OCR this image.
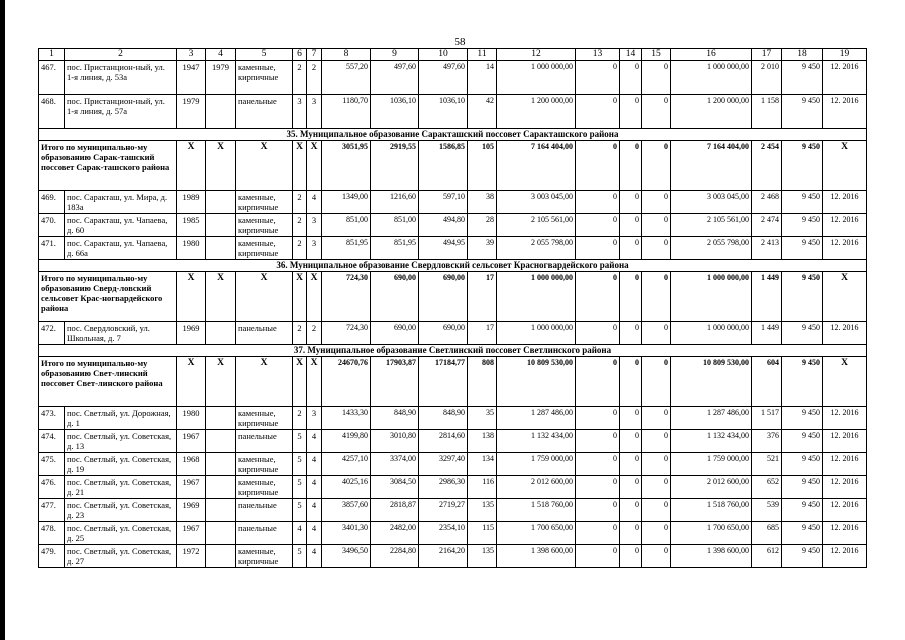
58
1	2	3	4	5	6	7	8	9	10	11	12	13	14	15	16	17	18	19
467.	пос. Пристанцион-ный, ул. 1-я линия, д. 53а	1947	1979	каменные, кирпичные	2	2	557,20	497,60	497,60	14	1 000 000,00	0	0	0	1 000 000,00	2 010	9 450	12. 2016
468.	пос. Пристанцион-ный, ул. 1-я линия, д. 57а	1979		панельные	3	3	1180,70	1036,10	1036,10	42	1 200 000,00	0	0	0	1 200 000,00	1 158	9 450	12. 2016
35. Муниципальное образование Саракташский поссовет Саракташского района																		
Итого по муниципально-му образованию Сарак-ташский поссовет Сарак-ташского района		X	X	X	X	X	3051,95	2919,55	1586,85	105	7 164 404,00	0	0	0	7 164 404,00	2 454	9 450	X
469.	пос. Саракташ, ул. Мира, д. 183а	1989		каменные, кирпичные	2	4	1349,00	1216,60	597,10	38	3 003 045,00	0	0	0	3 003 045,00	2 468	9 450	12. 2016
470.	пос. Саракташ, ул. Чапаева, д. 60	1985		каменные, кирпичные	2	3	851,00	851,00	494,80	28	2 105 561,00	0	0	0	2 105 561,00	2 474	9 450	12. 2016
471.	пос. Саракташ, ул. Чапаева, д. 66а	1980		каменные, кирпичные	2	3	851,95	851,95	494,95	39	2 055 798,00	0	0	0	2 055 798,00	2 413	9 450	12. 2016
36. Муниципальное образование Свердловский сельсовет Красногвардейского района																		
Итого по муниципально-му образованию Сверд-ловский сельсовет Крас-ногвардейского района		X	X	X	X	X	724,30	690,00	690,00	17	1 000 000,00	0	0	0	1 000 000,00	1 449	9 450	X
472.	пос. Свердловский, ул. Школьная, д. 7	1969		панельные	2	2	724,30	690,00	690,00	17	1 000 000,00	0	0	0	1 000 000,00	1 449	9 450	12. 2016
37. Муниципальное образование Светлинский поссовет Светлинского района																		
Итого по муниципально-му образованию Свет-линский поссовет Свет-линского района		X	X	X	X	X	24670,76	17903,87	17184,77	808	10 809 530,00	0	0	0	10 809 530,00	604	9 450	X
473.	пос. Светлый, ул. Дорожная, д. 1	1980		каменные, кирпичные	2	3	1433,30	848,90	848,90	35	1 287 486,00	0	0	0	1 287 486,00	1 517	9 450	12. 2016
474.	пос. Светлый, ул. Советская, д. 13	1967		панельные	5	4	4199,80	3010,80	2814,60	138	1 132 434,00	0	0	0	1 132 434,00	376	9 450	12. 2016
475.	пос. Светлый, ул. Советская, д. 19	1968		каменные, кирпичные	5	4	4257,10	3374,00	3297,40	134	1 759 000,00	0	0	0	1 759 000,00	521	9 450	12. 2016
476.	пос. Светлый, ул. Советская, д. 21	1967		каменные, кирпичные	5	4	4025,16	3084,50	2986,30	116	2 012 600,00	0	0	0	2 012 600,00	652	9 450	12. 2016
477.	пос. Светлый, ул. Советская, д. 23	1969		панельные	5	4	3857,60	2818,87	2719,27	135	1 518 760,00	0	0	0	1 518 760,00	539	9 450	12. 2016
478.	пос. Светлый, ул. Советская, д. 25	1967		панельные	4	4	3401,30	2482,00	2354,10	115	1 700 650,00	0	0	0	1 700 650,00	685	9 450	12. 2016
479.	пос. Светлый, ул. Советская, д. 27	1972		каменные, кирпичные	5	4	3496,50	2284,80	2164,20	135	1 398 600,00	0	0	0	1 398 600,00	612	9 450	12. 2016
